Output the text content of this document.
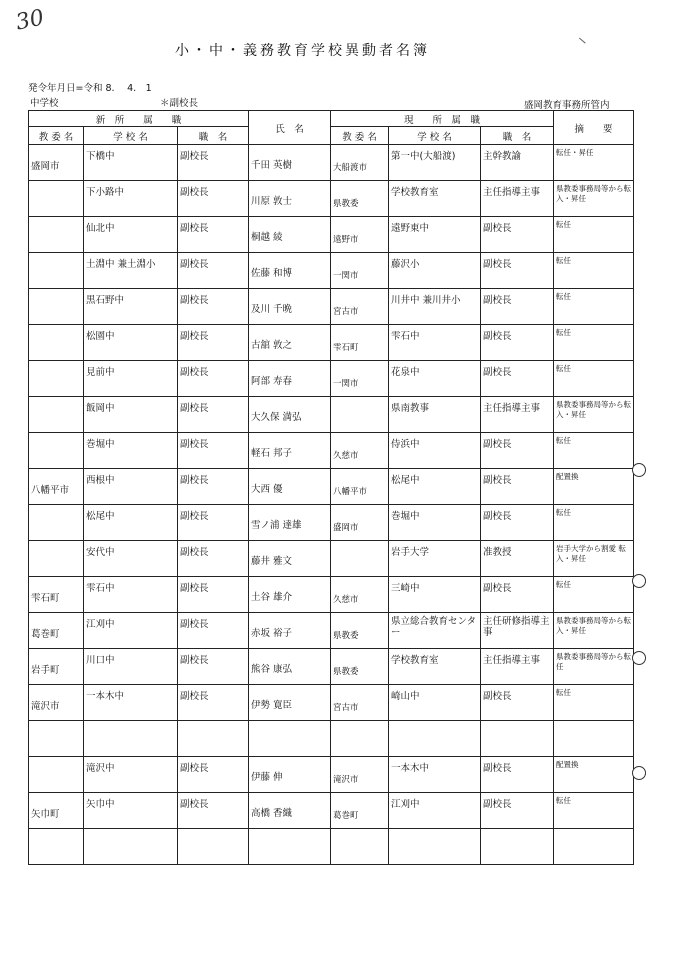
30
小・中・義務教育学校異動者名簿
発令年月日=令和 8.　 4.　1
中学校	＊副校長	盛岡教育事務所管内
新　所　　属　　職			氏　名	現　　所　属　職			摘　　要
教 委 名	学 校 名	職　名		教 委 名	学 校 名	職　名	

盛岡市	下橋中	副校長	千田 英樹	大船渡市	第一中(大船渡)	主幹教諭	転任・昇任

	下小路中	副校長	川原 敦士	県教委	学校教育室	主任指導主事	県教委事務局等から転入・昇任

	仙北中	副校長	桐越 綾	遠野市	遠野東中	副校長	転任

	土淵中 兼土淵小	副校長	佐藤 和博	一関市	藤沢小	副校長	転任

	黒石野中	副校長	及川 千晩	宮古市	川井中 兼川井小	副校長	転任

	松園中	副校長	古舘 敦之	雫石町	雫石中	副校長	転任

	見前中	副校長	阿部 寿春	一関市	花泉中	副校長	転任

	飯岡中	副校長	大久保 満弘		県南教事	主任指導主事	県教委事務局等から転入・昇任

	巻堀中	副校長	軽石 邦子	久慈市	侍浜中	副校長	転任

八幡平市	西根中	副校長	大西 優	八幡平市	松尾中	副校長	配置換

	松尾中	副校長	雪ノ浦 達雄	盛岡市	巻堀中	副校長	転任

	安代中	副校長	藤井 雅文		岩手大学	准教授	岩手大学から割愛 転入・昇任

雫石町	雫石中	副校長	土谷 雄介	久慈市	三崎中	副校長	転任

葛巻町	江刈中	副校長	赤坂 裕子	県教委	県立総合教育センター	主任研修指導主事	県教委事務局等から転入・昇任

岩手町	川口中	副校長	熊谷 康弘	県教委	学校教育室	主任指導主事	県教委事務局等から転任

滝沢市	一本木中	副校長	伊勢 寛臣	宮古市	崎山中	副校長	転任

	滝沢中	副校長	伊藤 伸	滝沢市	一本木中	副校長	配置換

矢巾町	矢巾中	副校長	高橋 香織	葛巻町	江刈中	副校長	転任
